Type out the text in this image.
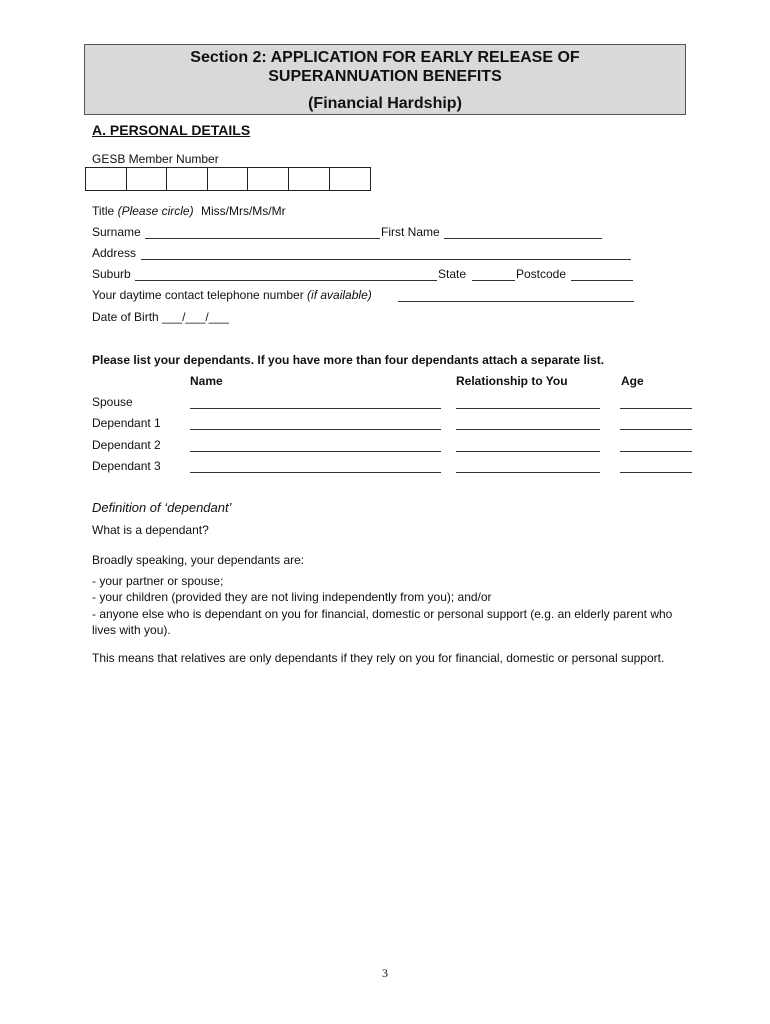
Section 2: APPLICATION FOR EARLY RELEASE OF
SUPERANNUATION BENEFITS
(Financial Hardship)
A. PERSONAL DETAILS
GESB Member Number
Title (Please circle) Miss/Mrs/Ms/Mr
Surname	First Name
Address
Suburb	State	Postcode
Your daytime contact telephone number (if available)
Date of Birth ___/___/___
Please list your dependants. If you have more than four dependants attach a separate list.
Name	Relationship to You	Age
Spouse
Dependant 1
Dependant 2
Dependant 3
Definition of ‘dependant’
What is a dependant?
Broadly speaking, your dependants are:
- your partner or spouse;
- your children (provided they are not living independently from you); and/or
- anyone else who is dependant on you for financial, domestic or personal support (e.g. an elderly parent who lives with you).
This means that relatives are only dependants if they rely on you for financial, domestic or personal support.
3
